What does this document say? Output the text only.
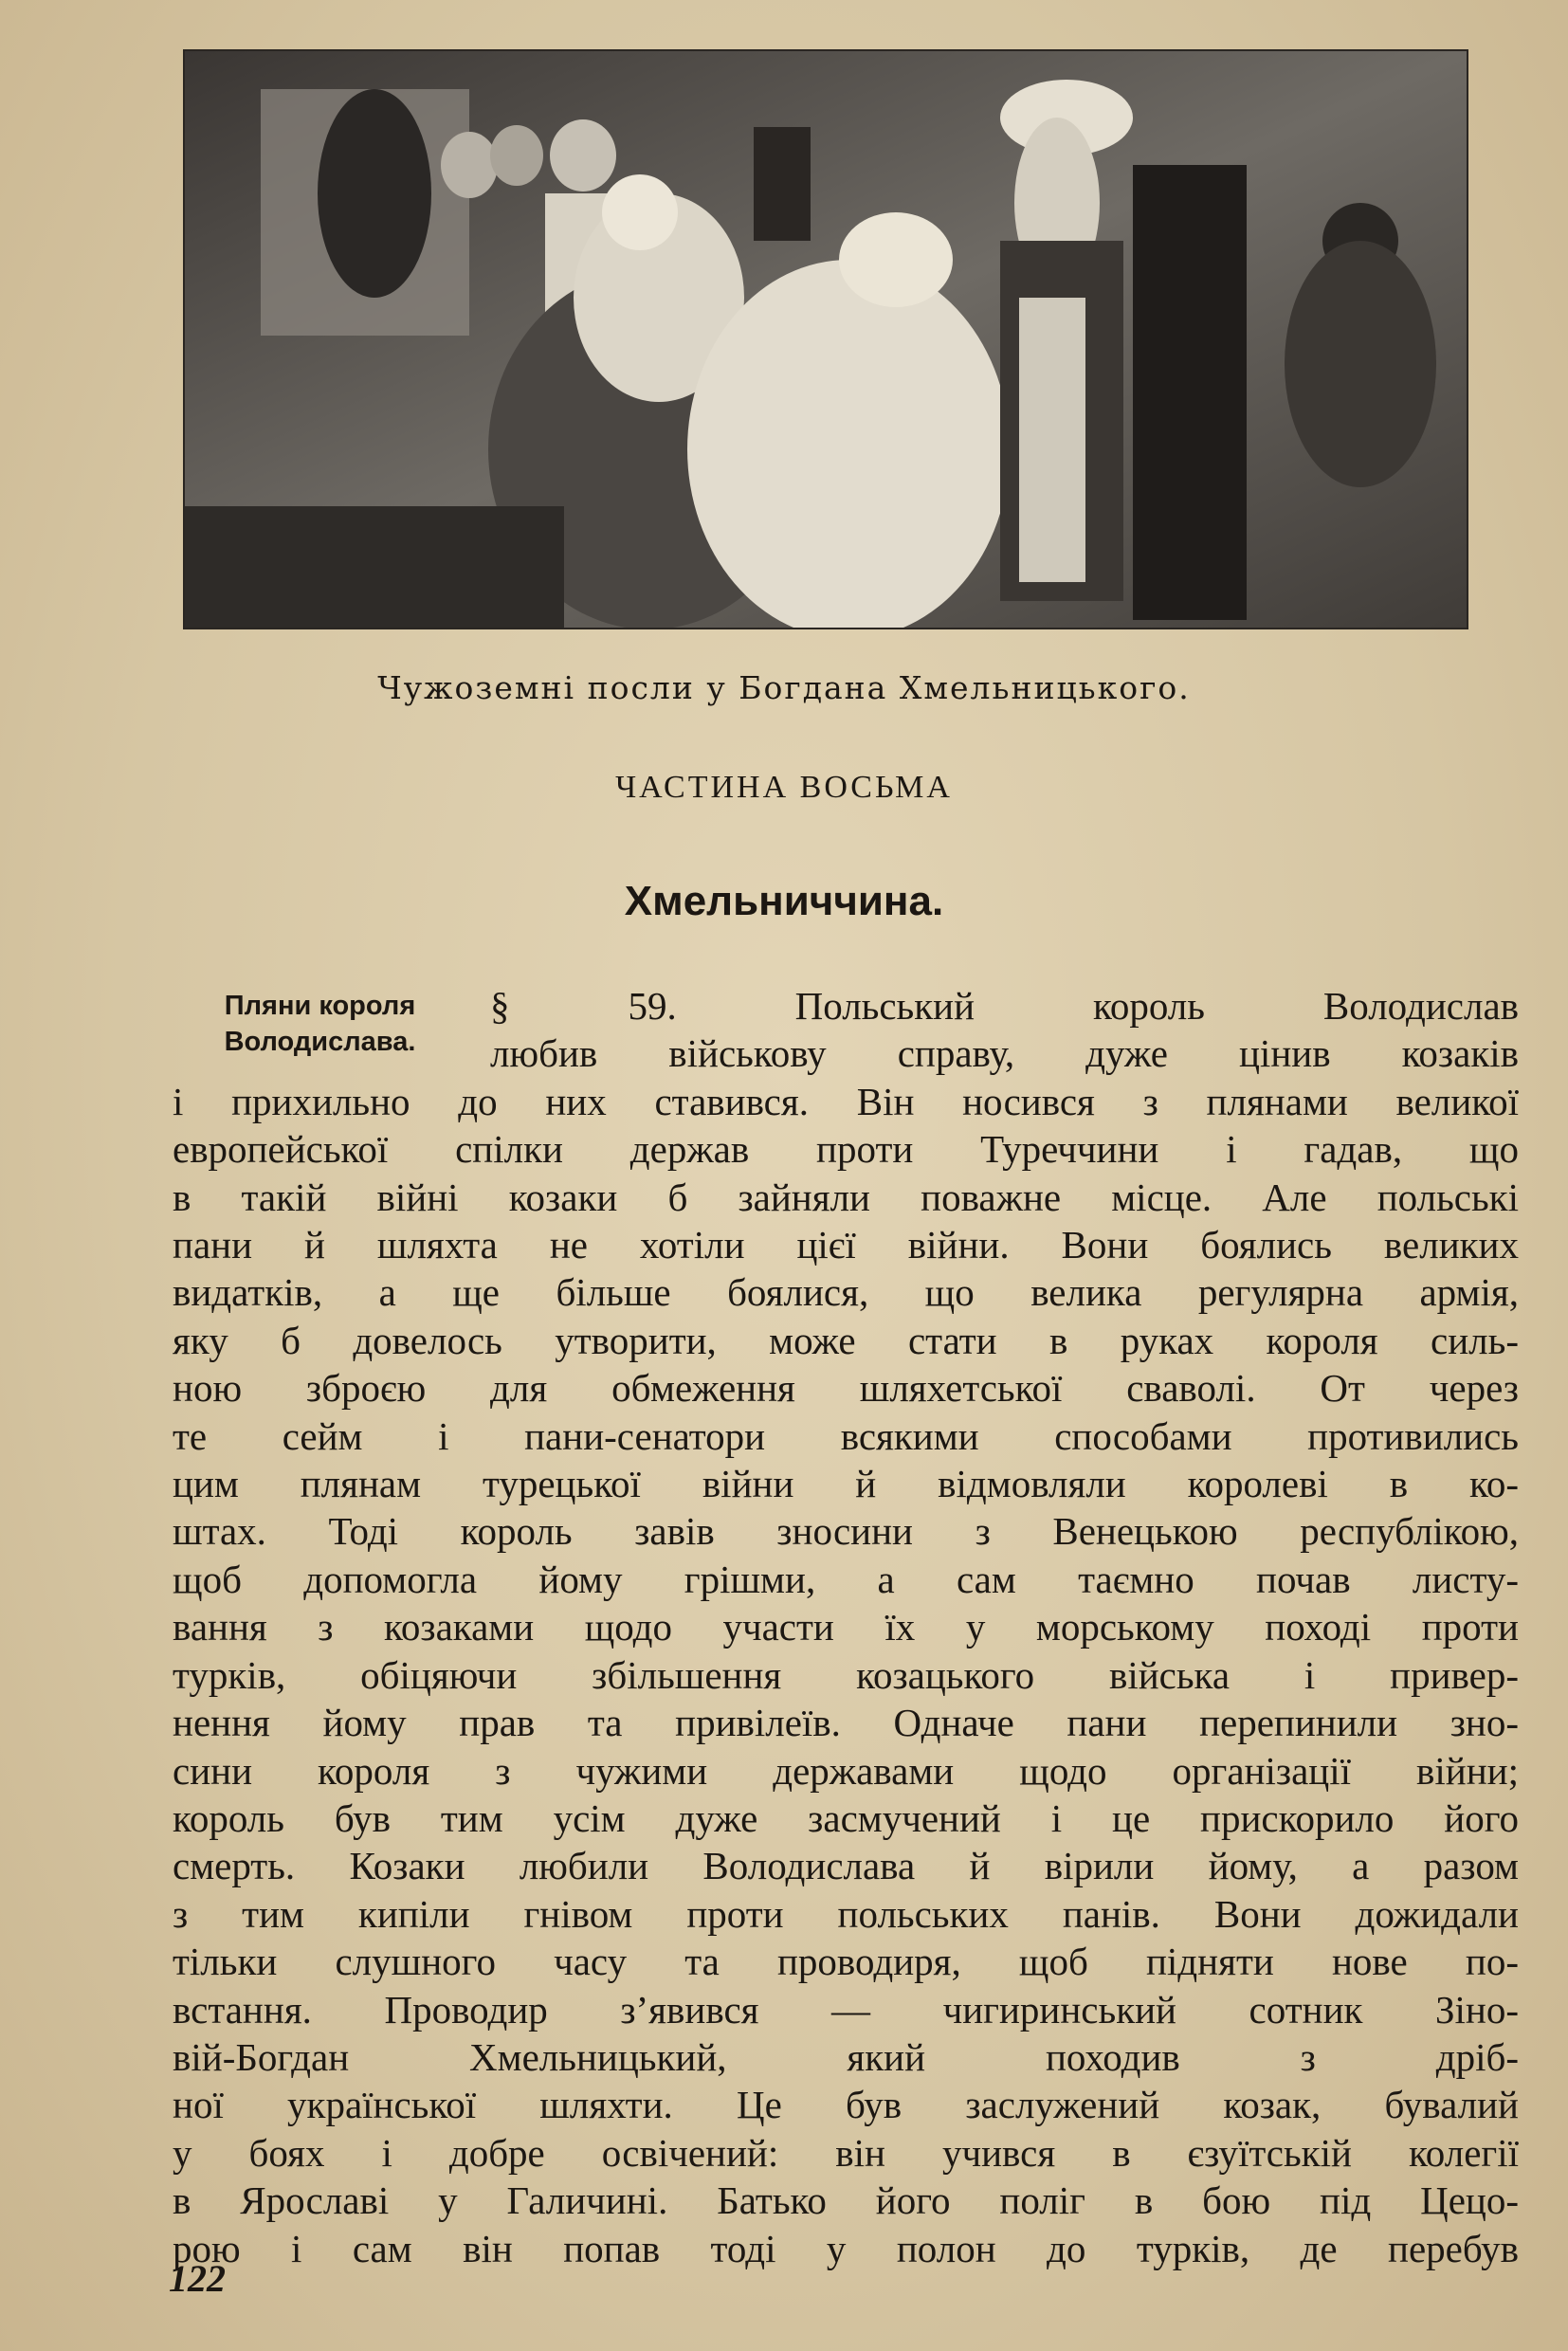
Чужоземні посли у Богдана Хмельницького.
ЧАСТИНА ВОСЬМА
Хмельниччина.
Пляни короля
Володислава.
§ 59. Польський король Володислав
любив військову справу, дуже цінив козаків
і прихильно до них ставився. Він носився з плянами великої
европейської спілки держав проти Туреччини і гадав, що
в такій війні козаки б зайняли поважне місце. Але польські
пани й шляхта не хотіли цієї війни. Вони боялись великих
видатків, а ще більше боялися, що велика регулярна армія,
яку б довелось утворити, може стати в руках короля силь-
ною зброєю для обмеження шляхетської сваволі. От через
те сейм і пани-сенатори всякими способами противились
цим плянам турецької війни й відмовляли королеві в ко-
штах. Тоді король завів зносини з Венецькою республікою,
щоб допомогла йому грішми, а сам таємно почав листу-
вання з козаками щодо участи їх у морському поході проти
турків, обіцяючи збільшення козацького війська і привер-
нення йому прав та привілеїв. Одначе пани перепинили зно-
сини короля з чужими державами щодо організації війни;
король був тим усім дуже засмучений і це прискорило його
смерть. Козаки любили Володислава й вірили йому, а разом
з тим кипіли гнівом проти польських панів. Вони дожидали
тільки слушного часу та проводиря, щоб підняти нове по-
встання. Проводир з’явився — чигиринський сотник Зіно-
вій-Богдан Хмельницький, який походив з дріб-
ної української шляхти. Це був заслужений козак, бувалий
у боях і добре освічений: він учився в єзуїтській колегії
в Ярославі у Галичині. Батько його поліг в бою під Цецо-
рою і сам він попав тоді у полон до турків, де перебув
122
